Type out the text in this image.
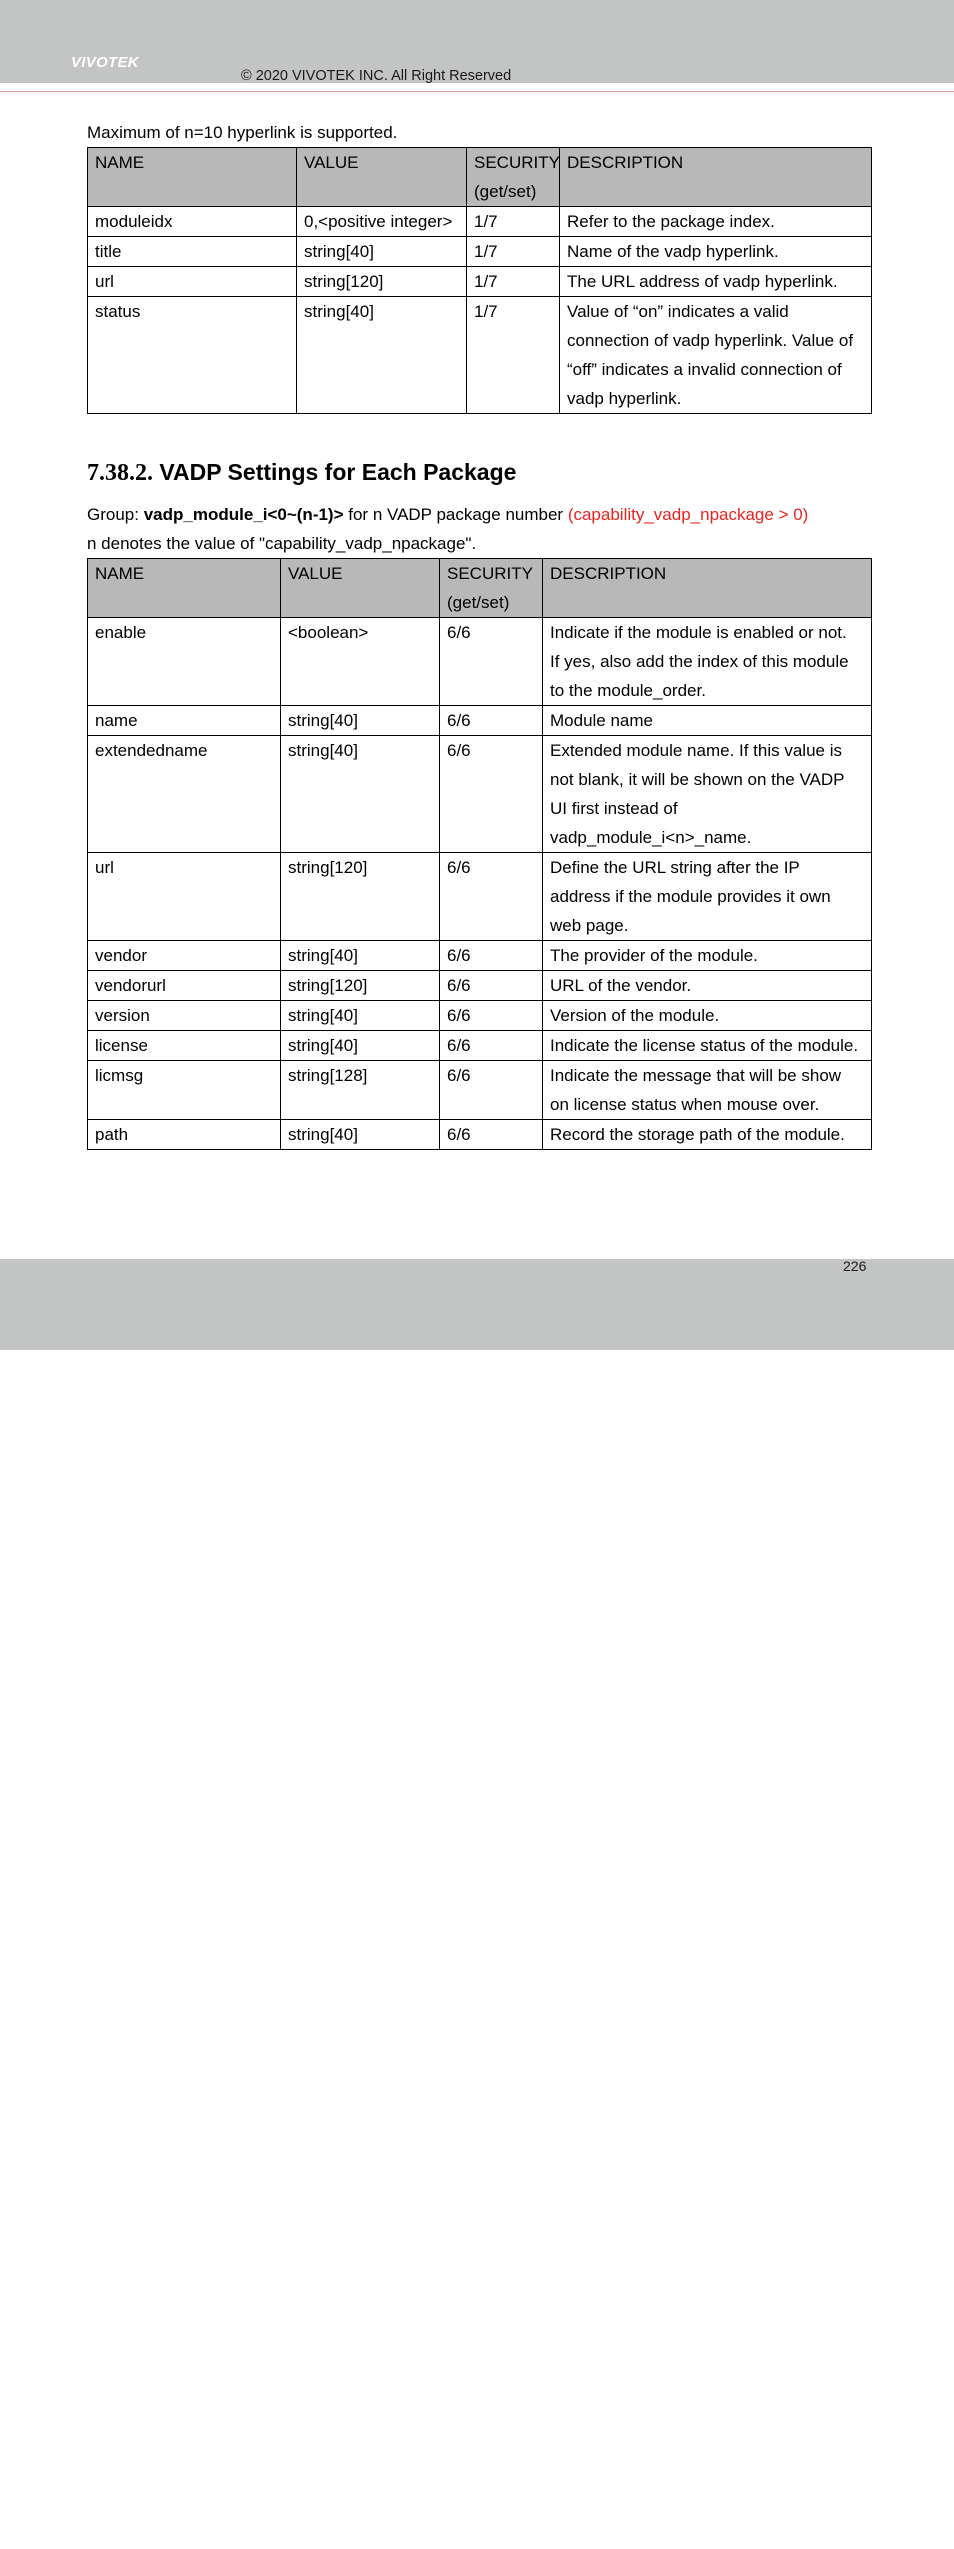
VIVOTEK
© 2020 VIVOTEK INC. All Right Reserved

Maximum of n=10 hyperlink is supported.

NAME	VALUE	SECURITY (get/set)	DESCRIPTION
moduleidx	0,<positive integer>	1/7	Refer to the package index.
title	string[40]	1/7	Name of the vadp hyperlink.
url	string[120]	1/7	The URL address of vadp hyperlink.
status	string[40]	1/7	Value of “on” indicates a valid connection of vadp hyperlink. Value of “off” indicates a invalid connection of vadp hyperlink.

7.38.2. VADP Settings for Each Package

Group: vadp_module_i<0~(n-1)> for n VADP package number (capability_vadp_npackage > 0)

n denotes the value of "capability_vadp_npackage".

NAME	VALUE	SECURITY (get/set)	DESCRIPTION
enable	<boolean>	6/6	Indicate if the module is enabled or not.
If yes, also add the index of this module to the module_order.

name	string[40]	6/6	Module name
extendedname	string[40]	6/6	Extended module name. If this value is not blank, it will be shown on the VADP UI first instead of vadp_module_i<n>_name.
url	string[120]	6/6	Define the URL string after the IP address if the module provides it own web page.
vendor	string[40]	6/6	The provider of the module.
vendorurl	string[120]	6/6	URL of the vendor.
version	string[40]	6/6	Version of the module.
license	string[40]	6/6	Indicate the license status of the module.
licmsg	string[128]	6/6	Indicate the message that will be show on license status when mouse over.
path	string[40]	6/6	Record the storage path of the module.
380 - User's Manual
226
